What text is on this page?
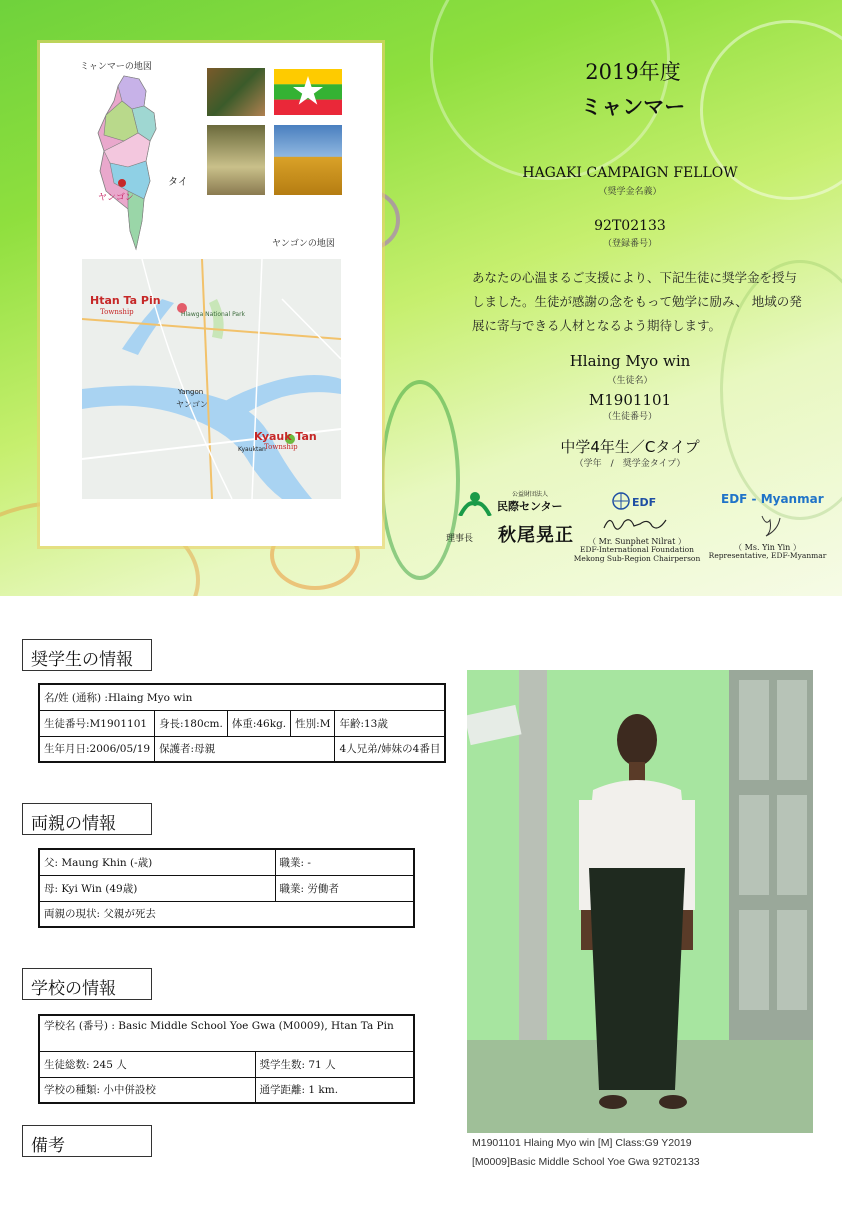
ミャンマーの地図
ヤンゴン
タイ
ヤンゴンの地図
Htan Ta Pin
Township	Hlawga National Park
Yangon
ヤンゴン
Kyauk Tan
Township
Kyauktan
2019年度
ミャンマー
HAGAKI CAMPAIGN FELLOW
（奨学金名義）
92T02133
（登録番号）
あなたの心温まるご支援により、下記生徒に奨学金を授与しました。生徒が感謝の念をもって勉学に励み、 地域の発展に寄与できる人材となるよう期待します。
Hlaing Myo win
（生徒名）
M1901101
（生徒番号）
中学4年生／Cタイプ
（学年　/　奨学金タイプ）
公益財団法人
民際センター
理事長 秋尾晃正
EDF
（ Mr. Sunphet Nilrat ）
EDF-International Foundation
Mekong Sub-Region Chairperson
EDF - Myanmar
（ Ms. Yin Yin ）
Representative, EDF-Myanmar
奨学生の情報
名/姓 (通称) :Hlaing Myo win				
生徒番号:M1901101	身長:180cm.	体重:46kg.	性別:M	年齢:13歳
生年月日:2006/05/19	保護者:母親			4人兄弟/姉妹の4番目
両親の情報
父: Maung Khin (-歳)	職業: -
母: Kyi Win (49歳)	職業: 労働者
両親の現状: 父親が死去	
学校の情報
学校名 (番号) : Basic Middle School Yoe Gwa (M0009), Htan Ta Pin	
生徒総数: 245 人	奨学生数: 71 人
学校の種類: 小中併設校	通学距離: 1 km.
備考	M1901101 Hlaing Myo win [M] Class:G9 Y2019
[M0009]Basic Middle School Yoe Gwa 92T02133
